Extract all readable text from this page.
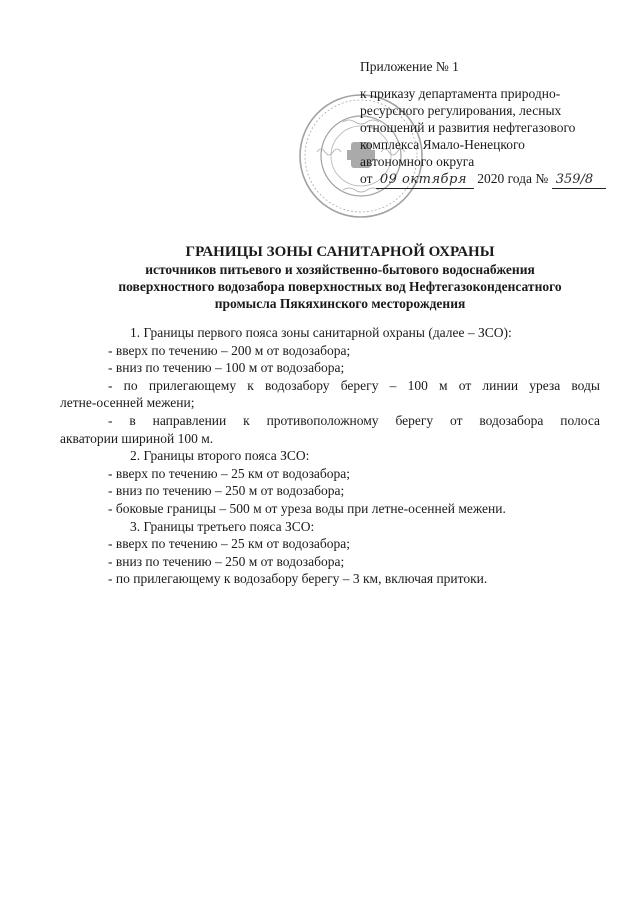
Приложение № 1

к приказу департамента природно-

ресурсного регулирования, лесных

отношений и развития нефтегазового

комплекса Ямало-Ненецкого

автономного округа

от 09 октября 2020 года № 359/8

ГРАНИЦЫ ЗОНЫ САНИТАРНОЙ ОХРАНЫ

источников питьевого и хозяйственно-бытового водоснабжения

поверхностного водозабора поверхностных вод Нефтегазоконденсатного

промысла Пякяхинского месторождения

1. Границы первого пояса зоны санитарной охраны (далее – ЗСО):

- вверх по течению – 200 м от водозабора;

- вниз по течению – 100 м от водозабора;

- по прилегающему к водозабору берегу – 100 м от линии уреза воды

летне-осенней межени;

- в направлении к противоположному берегу от водозабора полоса

акватории шириной 100 м.

2. Границы второго пояса ЗСО:

- вверх по течению – 25 км от водозабора;

- вниз по течению – 250 м от водозабора;

- боковые границы – 500 м от уреза воды при летне-осенней межени.

3. Границы третьего пояса ЗСО:

- вверх по течению – 25 км от водозабора;

- вниз по течению – 250 м от водозабора;

- по прилегающему к водозабору берегу – 3 км, включая притоки.
